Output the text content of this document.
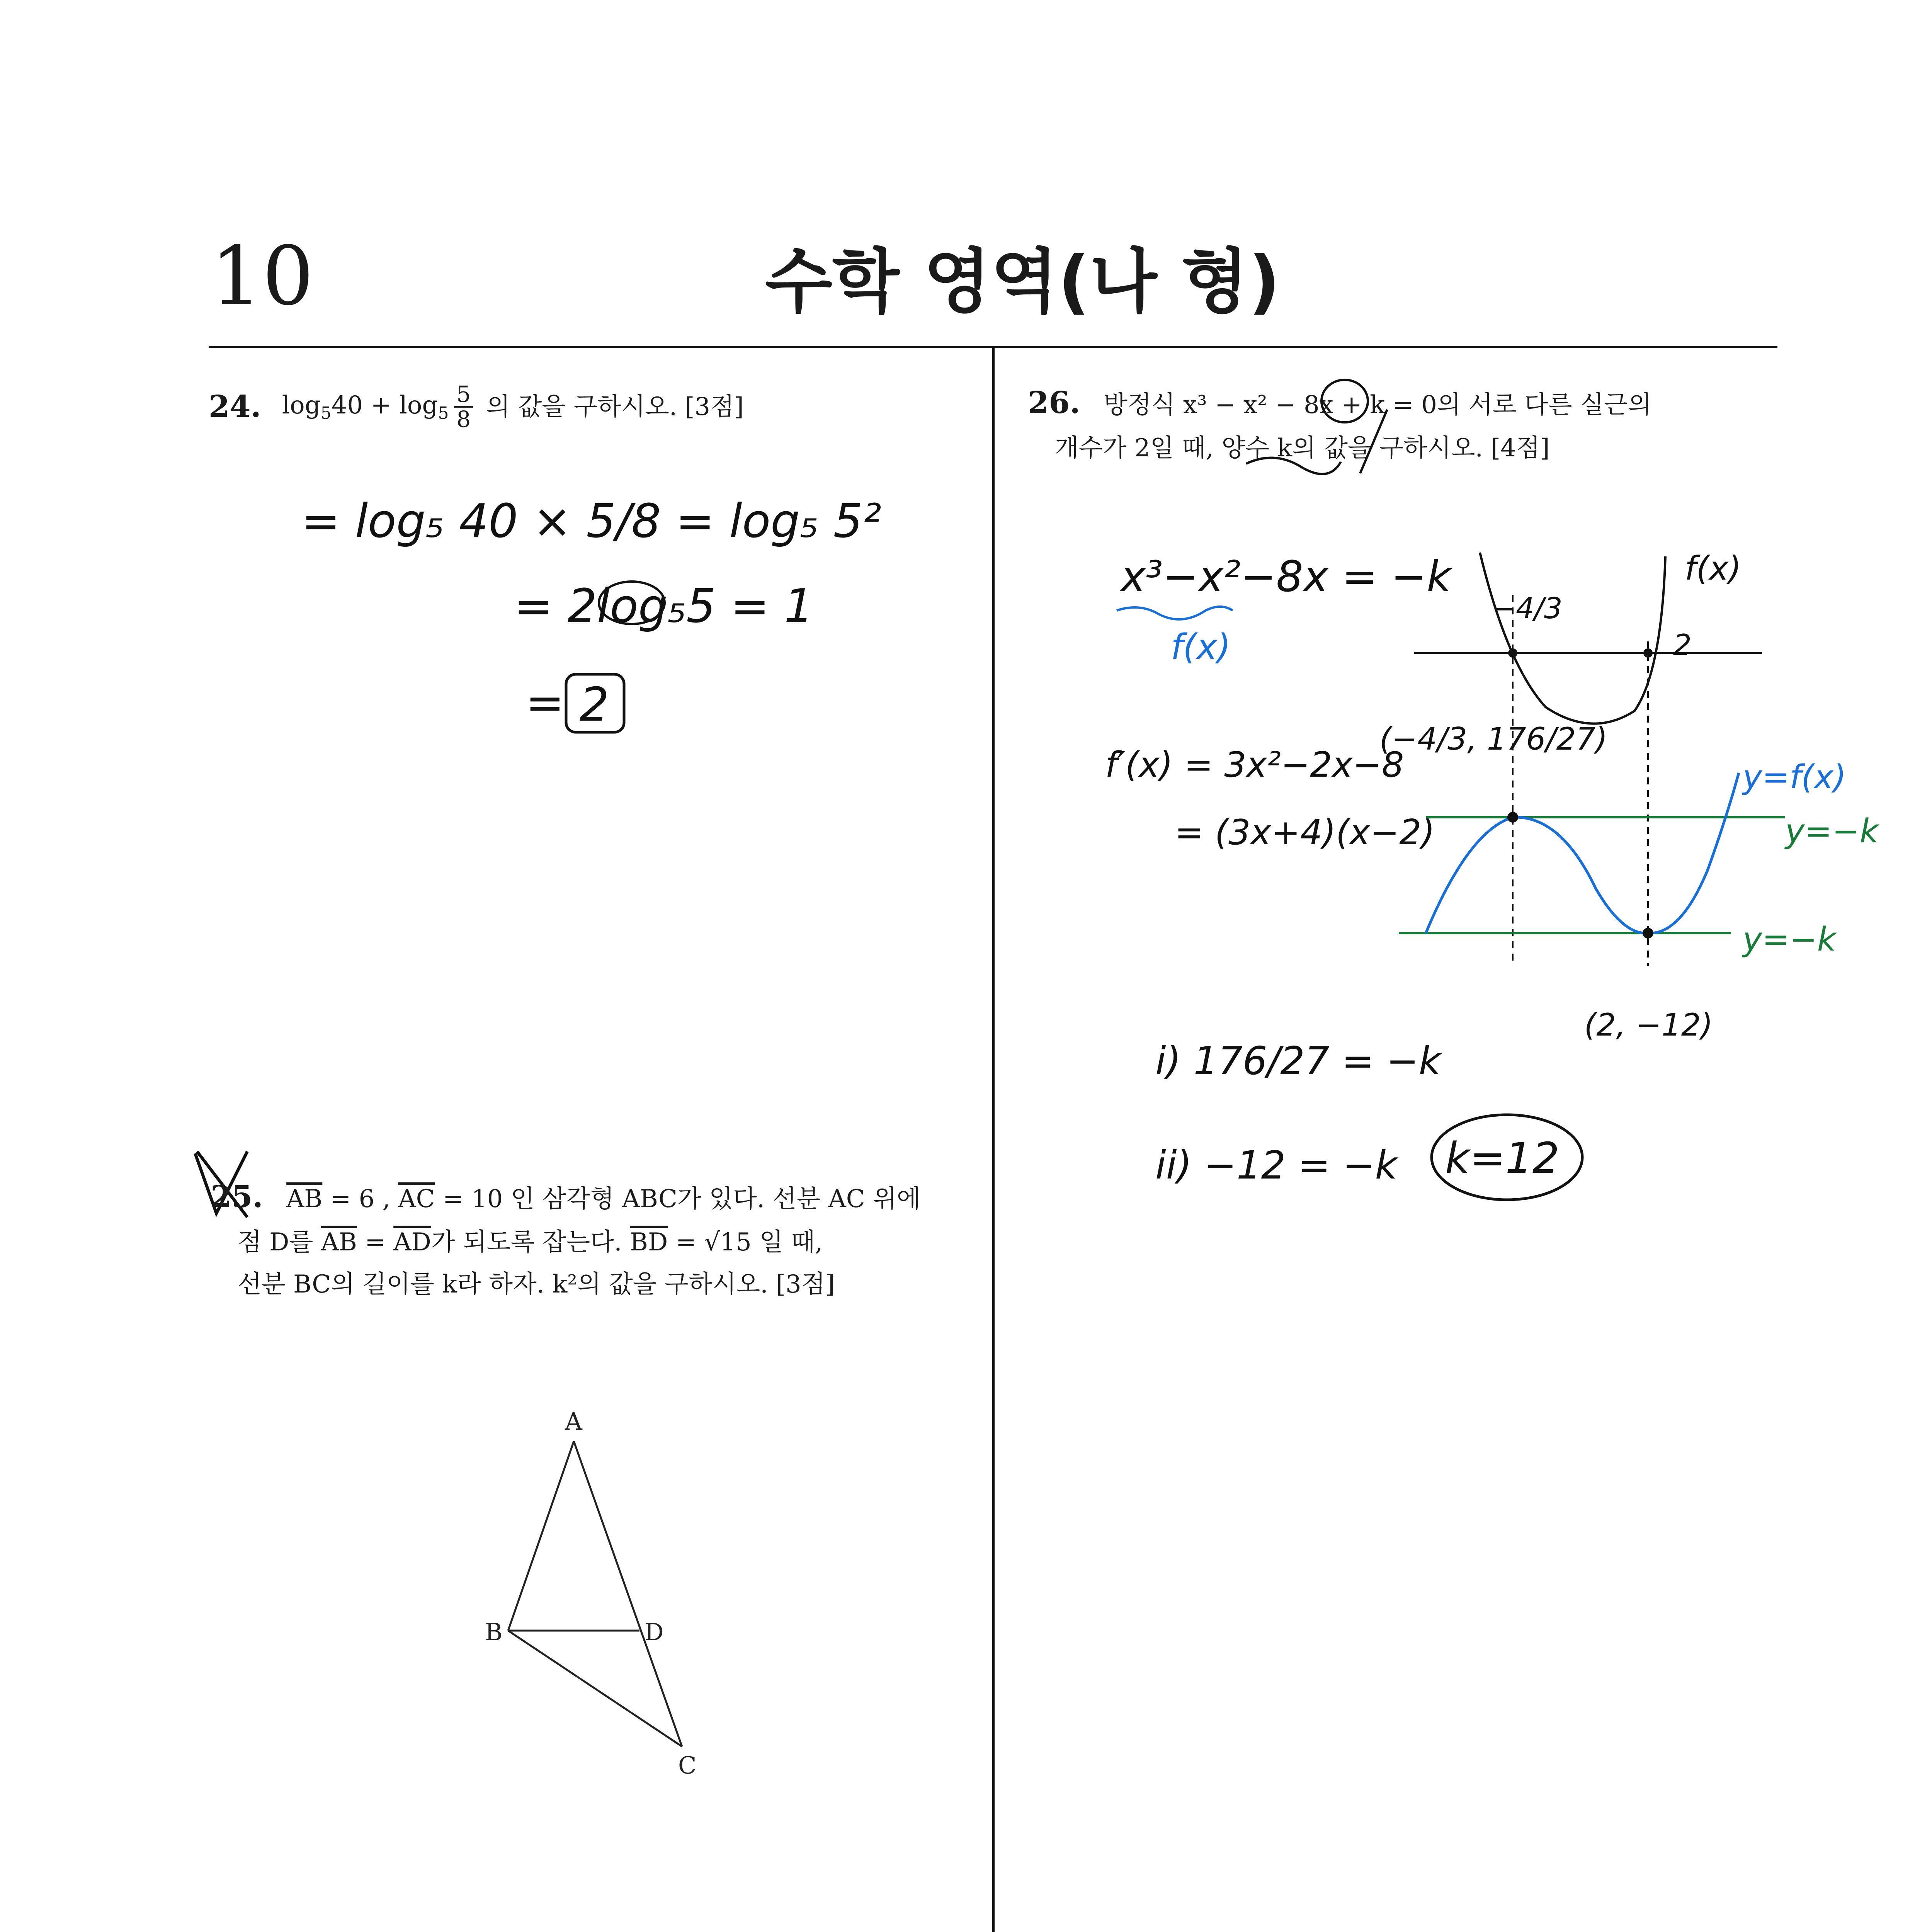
10	수학 영역(나 형)
24. $\log_540 + \log_5 \frac{5}{8}$ 의 값을 구하시오. [3점]
= log₅ 40 × 5/8 = log₅ 5²
= 2log₅5 = 1
= 2
25. $\overline{AB} = 6$ , $\overline{AC} = 10$ 인 삼각형 ABC가 있다. 선분 AC 위에
점 D를 $\overline{AB} = \overline{AD}$가 되도록 잡는다. $\overline{BD} = √15$ 일 때,
선분 BC의 길이를 k라 하자. k²의 값을 구하시오. [3점]
A
B
C
D
26. 방정식 x³ − x² − 8x + k = 0의 서로 다른 실근의
개수가 2일 때, 양수 k의 값을 구하시오. [4점]
x³−x²−8x = −k
f(x)
f′(x) = 3x²−2x−8
= (3x+4)(x−2)
f(x)
−4/3
2
(−4/3, 176/27)
y=f(x)
y=−k
y=−k
(2, −12)
i) 176/27 = −k
ii) −12 = −k k=12
